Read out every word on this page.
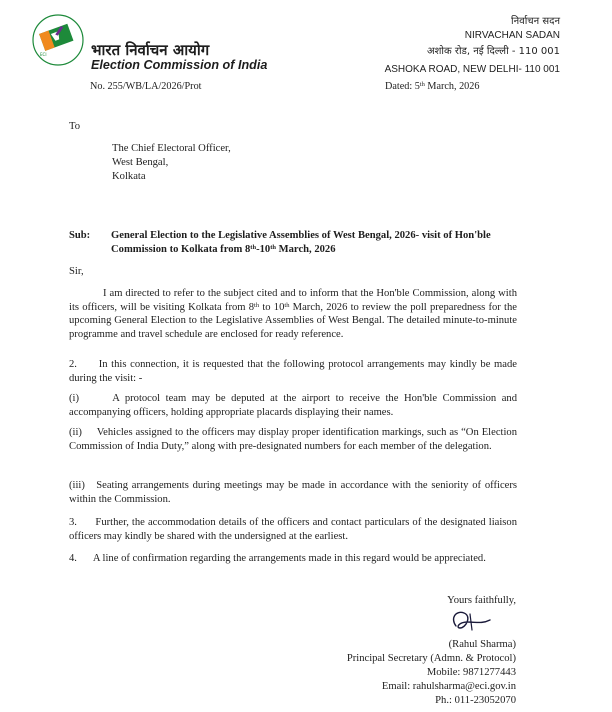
ECI	भारत निर्वाचन आयोग
Election Commission of India
No. 255/WB/LA/2026/Prot
निर्वाचन सदन
NIRVACHAN SADAN
अशोक रोड, नई दिल्ली - 110 001
ASHOKA ROAD, NEW DELHI- 110 001
Dated: 5th March, 2026
To
The Chief Electoral Officer,
West Bengal,
Kolkata
Sub: General Election to the Legislative Assemblies of West Bengal, 2026- visit of Hon'ble Commission to Kolkata from 8th-10th March, 2026
Sir,
I am directed to refer to the subject cited and to inform that the Hon'ble Commission, along with its officers, will be visiting Kolkata from 8th to 10th March, 2026 to review the poll preparedness for the upcoming General Election to the Legislative Assemblies of West Bengal. The detailed minute-to-minute programme and travel schedule are enclosed for ready reference.
2.      In this connection, it is requested that the following protocol arrangements may kindly be made during the visit: -
(i)      A protocol team may be deputed at the airport to receive the Hon'ble Commission and accompanying officers, holding appropriate placards displaying their names.
(ii)     Vehicles assigned to the officers may display proper identification markings, such as “On Election Commission of India Duty,” along with pre-designated numbers for each member of the delegation.
(iii)   Seating arrangements during meetings may be made in accordance with the seniority of officers within the Commission.
3.      Further, the accommodation details of the officers and contact particulars of the designated liaison officers may kindly be shared with the undersigned at the earliest.
4.      A line of confirmation regarding the arrangements made in this regard would be appreciated.
Yours faithfully,
(Rahul Sharma)
Principal Secretary (Admn. & Protocol)
Mobile: 9871277443
Email: rahulsharma@eci.gov.in
Ph.: 011-23052070
